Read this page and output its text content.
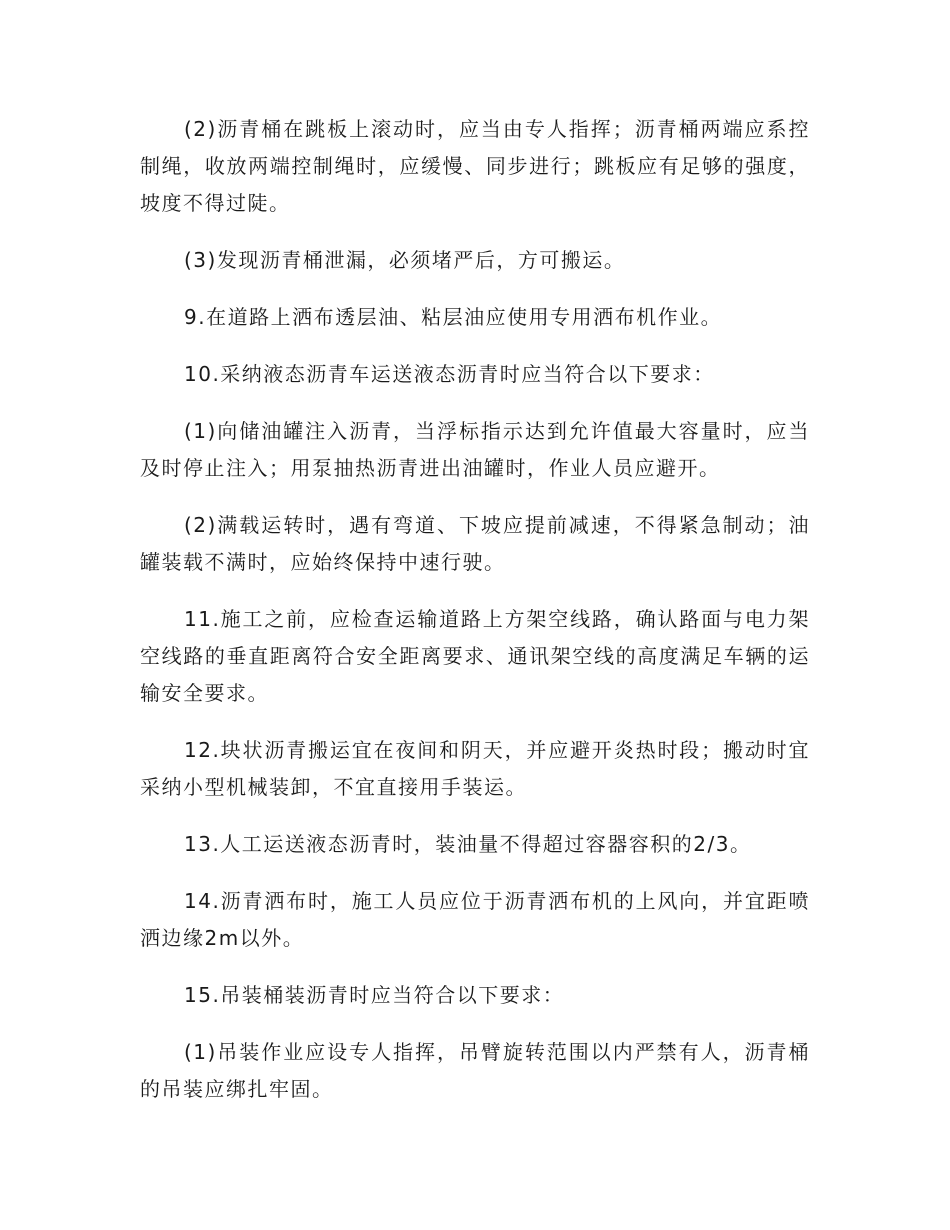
(2)沥青桶在跳板上滚动时，应当由专人指挥；沥青桶两端应系控制绳，收放两端控制绳时，应缓慢、同步进行；跳板应有足够的强度，坡度不得过陡。

(3)发现沥青桶泄漏，必须堵严后，方可搬运。

9.在道路上洒布透层油、粘层油应使用专用洒布机作业。

10.采纳液态沥青车运送液态沥青时应当符合以下要求：

(1)向储油罐注入沥青，当浮标指示达到允许值最大容量时，应当及时停止注入；用泵抽热沥青进出油罐时，作业人员应避开。

(2)满载运转时，遇有弯道、下坡应提前减速，不得紧急制动；油罐装载不满时，应始终保持中速行驶。

11.施工之前，应检查运输道路上方架空线路，确认路面与电力架空线路的垂直距离符合安全距离要求、通讯架空线的高度满足车辆的运输安全要求。

12.块状沥青搬运宜在夜间和阴天，并应避开炎热时段；搬动时宜采纳小型机械装卸，不宜直接用手装运。

13.人工运送液态沥青时，装油量不得超过容器容积的2/3。

14.沥青洒布时，施工人员应位于沥青洒布机的上风向，并宜距喷洒边缘2m以外。

15.吊装桶装沥青时应当符合以下要求：

(1)吊装作业应设专人指挥，吊臂旋转范围以内严禁有人，沥青桶的吊装应绑扎牢固。
